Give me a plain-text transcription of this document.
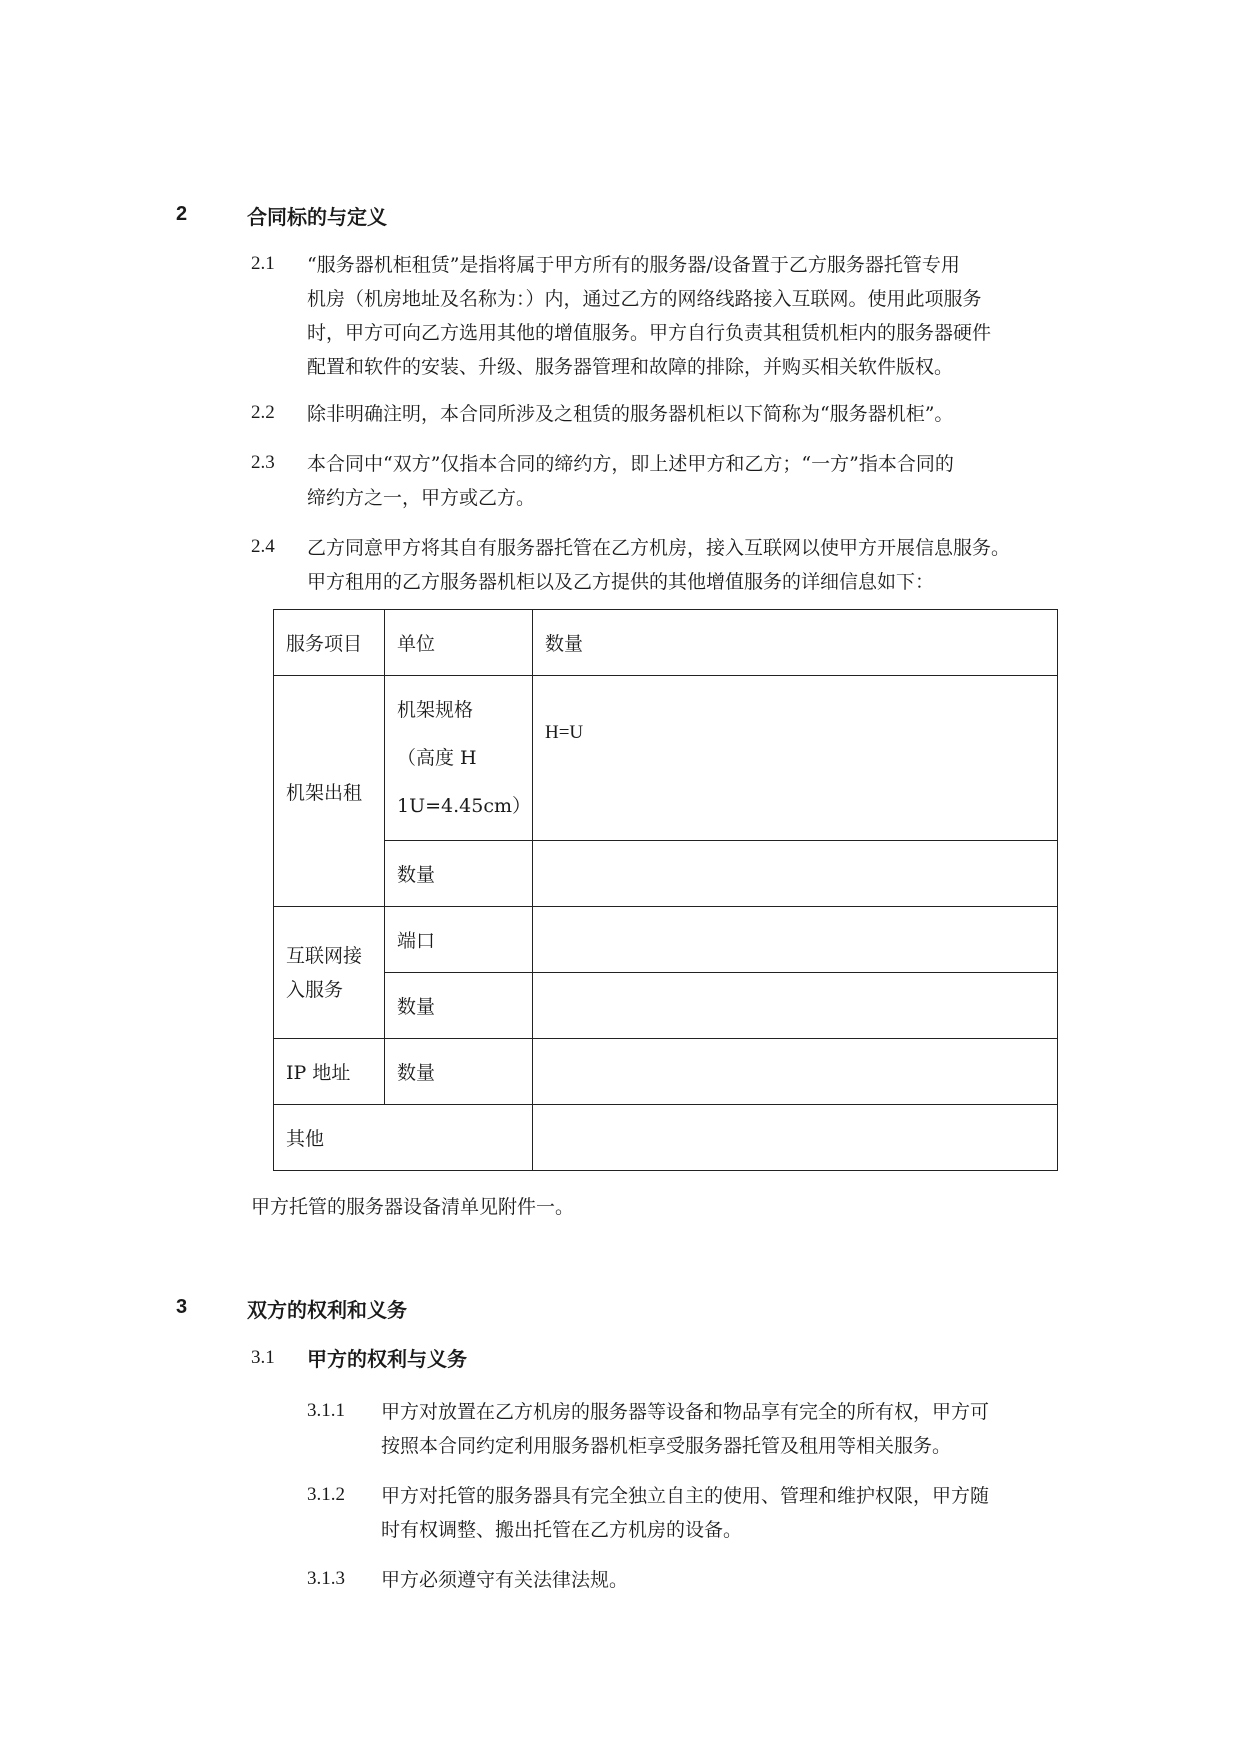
2	合同标的与定义
2.1 “服务器机柜租赁”是指将属于甲方所有的服务器/设备置于乙方服务器托管专用
机房（机房地址及名称为：）内，通过乙方的网络线路接入互联网。使用此项服务
时，甲方可向乙方选用其他的增值服务。甲方自行负责其租赁机柜内的服务器硬件
配置和软件的安装、升级、服务器管理和故障的排除，并购买相关软件版权。
2.2 除非明确注明，本合同所涉及之租赁的服务器机柜以下简称为“服务器机柜”。
2.3 本合同中“双方”仅指本合同的缔约方，即上述甲方和乙方；“一方”指本合同的
缔约方之一，甲方或乙方。
2.4 乙方同意甲方将其自有服务器托管在乙方机房，接入互联网以使甲方开展信息服务。
甲方租用的乙方服务器机柜以及乙方提供的其他增值服务的详细信息如下：
服务项目	单位	数量
机架出租	机架规格
（高度 H
1U=4.45cm）	H=U
	数量	

互联网接
入服务	端口	
	数量	
IP 地址	数量	
其他		
甲方托管的服务器设备清单见附件一。
3	双方的权利和义务
3.1 甲方的权利与义务
3.1.1 甲方对放置在乙方机房的服务器等设备和物品享有完全的所有权，甲方可
按照本合同约定利用服务器机柜享受服务器托管及租用等相关服务。
3.1.2 甲方对托管的服务器具有完全独立自主的使用、管理和维护权限，甲方随
时有权调整、搬出托管在乙方机房的设备。
3.1.3 甲方必须遵守有关法律法规。
